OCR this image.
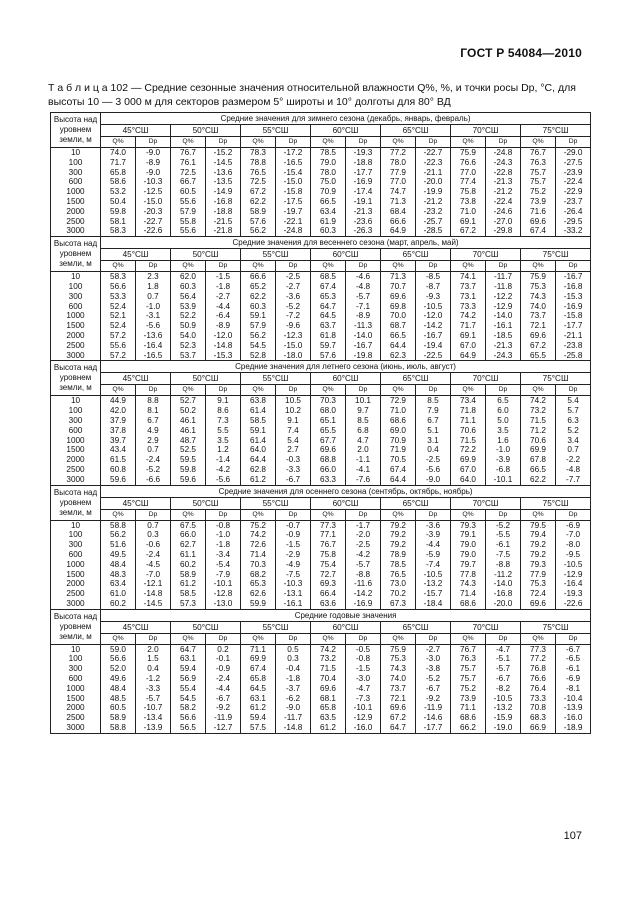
ГОСТ Р 54084—2010
Т а б л и ц а 102 — Средние сезонные значения относительной влажности Q%, %, и точки росы Dp, °С, для высоты 10 — 3 000 м для секторов размером 5° широты и 10° долготы для 80° ВД
Высота над уровнем земли, м	Средние значения для зимнего сезона (декабрь, январь, февраль)													
	45°СШ		50°СШ		55°СШ		60°СШ		65°СШ		70°СШ		75°СШ	
	Q%	Dp	Q%	Dp	Q%	Dp	Q%	Dp	Q%	Dp	Q%	Dp	Q%	Dp
10	74.0	-9.0	76.7	-15.2	78.3	-17.2	78.5	-19.3	77.2	-22.7	75.9	-24.8	76.7	-29.0
100	71.7	-8.9	76.1	-14.5	78.8	-16.5	79.0	-18.8	78.0	-22.3	76.6	-24.3	76.3	-27.5
300	65.8	-9.0	72.5	-13.6	76.5	-15.4	78.0	-17.7	77.9	-21.1	77.0	-22.8	75.7	-23.9
600	58.6	-10.3	66.7	-13.5	72.5	-15.0	75.0	-16.9	77.0	-20.0	77.4	-21.3	75.7	-22.4
1000	53.2	-12.5	60.5	-14.9	67.2	-15.8	70.9	-17.4	74.7	-19.9	75.8	-21.2	75.2	-22.9
1500	50.4	-15.0	55.6	-16.8	62.2	-17.5	66.5	-19.1	71.3	-21.2	73.8	-22.4	73.9	-23.7
2000	59.8	-20.3	57.9	-18.8	58.9	-19.7	63.4	-21.3	68.4	-23.2	71.0	-24.6	71.6	-26.4
2500	58.1	-22.7	55.8	-21.5	57.6	-22.1	61.9	-23.6	66.6	-25.7	69.1	-27.0	69.6	-29.5
3000	58.3	-22.6	55.6	-21.8	56.2	-24.8	60.3	-26.3	64.9	-28.5	67.2	-29.8	67.4	-33.2
Высота над уровнем земли, м	Средние значения для весеннего сезона (март, апрель, май)													
	45°СШ		50°СШ		55°СШ		60°СШ		65°СШ		70°СШ		75°СШ	
	Q%	Dp	Q%	Dp	Q%	Dp	Q%	Dp	Q%	Dp	Q%	Dp	Q%	Dp
10	58.3	2.3	62.0	-1.5	66.6	-2.5	68.5	-4.6	71.3	-8.5	74.1	-11.7	75.9	-16.7
100	56.6	1.8	60.3	-1.8	65.2	-2.7	67.4	-4.8	70.7	-8.7	73.7	-11.8	75.3	-16.8
300	53.3	0.7	56.4	-2.7	62.2	-3.6	65.3	-5.7	69.6	-9.3	73.1	-12.2	74.3	-15.3
600	52.4	-1.0	53.9	-4.4	60.3	-5.2	64.7	-7.1	69.8	-10.5	73.3	-12.9	74.0	-16.9
1000	52.1	-3.1	52.2	-6.4	59.1	-7.2	64.5	-8.9	70.0	-12.0	74.2	-14.0	73.7	-15.8
1500	52.4	-5.6	50.9	-8.9	57.9	-9.6	63.7	-11.3	68.7	-14.2	71.7	-16.1	72.1	-17.7
2000	57.2	-13.6	54.0	-12.0	56.2	-12.3	61.8	-14.0	66.5	-16.7	69.1	-18.5	69.6	-21.1
2500	55.6	-16.4	52.3	-14.8	54.5	-15.0	59.7	-16.7	64.4	-19.4	67.0	-21.3	67.2	-23.8
3000	57.2	-16.5	53.7	-15.3	52.8	-18.0	57.6	-19.8	62.3	-22.5	64.9	-24.3	65.5	-25.8
Высота над уровнем земли, м	Средние значения для летнего сезона (июнь, июль, август)													
	45°СШ		50°СШ		55°СШ		60°СШ		65°СШ		70°СШ		75°СШ	
	Q%	Dp	Q%	Dp	Q%	Dp	Q%	Dp	Q%	Dp	Q%	Dp	Q%	Dp
10	44.9	8.8	52.7	9.1	63.8	10.5	70.3	10.1	72.9	8.5	73.4	6.5	74.2	5.4
100	42.0	8.1	50.2	8.6	61.4	10.2	68.0	9.7	71.0	7.9	71.8	6.0	73.2	5.7
300	37.9	6.7	46.1	7.3	58.5	9.1	65.1	8.5	68.6	6.7	71.1	5.0	71.5	6.3
600	37.8	4.9	46.1	5.5	59.1	7.4	65.5	6.8	69.0	5.1	70.6	3.5	71.2	5.2
1000	39.7	2.9	48.7	3.5	61.4	5.4	67.7	4.7	70.9	3.1	71.5	1.6	70.6	3.4
1500	43.4	0.7	52.5	1.2	64.0	2.7	69.6	2.0	71.9	0.4	72.2	-1.0	69.9	0.7
2000	61.5	-2.4	59.5	-1.4	64.4	-0.3	68.8	-1.1	70.5	-2.5	69.9	-3.9	67.8	-2.2
2500	60.8	-5.2	59.8	-4.2	62.8	-3.3	66.0	-4.1	67.4	-5.6	67.0	-6.8	66.5	-4.8
3000	59.6	-6.6	59.6	-5.6	61.2	-6.7	63.3	-7.6	64.4	-9.0	64.0	-10.1	62.2	-7.7
Высота над уровнем земли, м	Средние значения для осеннего сезона (сентябрь, октябрь, ноябрь)													
	45°СШ		50°СШ		55°СШ		60°СШ		65°СШ		70°СШ		75°СШ	
	Q%	Dp	Q%	Dp	Q%	Dp	Q%	Dp	Q%	Dp	Q%	Dp	Q%	Dp
10	58.8	0.7	67.5	-0.8	75.2	-0.7	77.3	-1.7	79.2	-3.6	79.3	-5.2	79.5	-6.9
100	56.2	0.3	66.0	-1.0	74.2	-0.9	77.1	-2.0	79.2	-3.9	79.1	-5.5	79.4	-7.0
300	51.6	-0.6	62.7	-1.8	72.6	-1.5	76.7	-2.5	79.2	-4.4	79.0	-6.1	79.2	-8.0
600	49.5	-2.4	61.1	-3.4	71.4	-2.9	75.8	-4.2	78.9	-5.9	79.0	-7.5	79.2	-9.5
1000	48.4	-4.5	60.2	-5.4	70.3	-4.9	75.4	-5.7	78.5	-7.4	79.7	-8.8	79.3	-10.5
1500	48.3	-7.0	58.9	-7.9	68.2	-7.5	72.7	-8.8	76.5	-10.5	77.8	-11.2	77.9	-12.9
2000	63.4	-12.1	61.2	-10.1	65.3	-10.3	69.3	-11.6	73.0	-13.2	74.3	-14.0	75.3	-16.4
2500	61.0	-14.8	58.5	-12.8	62.6	-13.1	66.4	-14.2	70.2	-15.7	71.4	-16.8	72.4	-19.3
3000	60.2	-14.5	57.3	-13.0	59.9	-16.1	63.6	-16.9	67.3	-18.4	68.6	-20.0	69.6	-22.6
Высота над уровнем земли, м	Средние годовые значения													
	45°СШ		50°СШ		55°СШ		60°СШ		65°СШ		70°СШ		75°СШ	
	Q%	Dp	Q%	Dp	Q%	Dp	Q%	Dp	Q%	Dp	Q%	Dp	Q%	Dp
10	59.0	2.0	64.7	0.2	71.1	0.5	74.2	-0.5	75.9	-2.7	76.7	-4.7	77.3	-6.7
100	56.6	1.5	63.1	-0.1	69.9	0.3	73.2	-0.8	75.3	-3.0	76.3	-5.1	77.2	-6.5
300	52.0	0.4	59.4	-0.9	67.4	-0.4	71.5	-1.5	74.3	-3.8	75.7	-5.7	76.8	-6.1
600	49.6	-1.2	56.9	-2.4	65.8	-1.8	70.4	-3.0	74.0	-5.2	75.7	-6.7	76.6	-6.9
1000	48.4	-3.3	55.4	-4.4	64.5	-3.7	69.6	-4.7	73.7	-6.7	75.2	-8.2	76.4	-8.1
1500	48.5	-5.7	54.5	-6.7	63.1	-6.2	68.1	-7.3	72.1	-9.2	73.9	-10.5	73.3	-10.4
2000	60.5	-10.7	58.2	-9.2	61.2	-9.0	65.8	-10.1	69.6	-11.9	71.1	-13.2	70.8	-13.9
2500	58.9	-13.4	56.6	-11.9	59.4	-11.7	63.5	-12.9	67.2	-14.6	68.6	-15.9	68.3	-16.0
3000	58.8	-13.9	56.5	-12.7	57.5	-14.8	61.2	-16.0	64.7	-17.7	66.2	-19.0	66.9	-18.9
107
